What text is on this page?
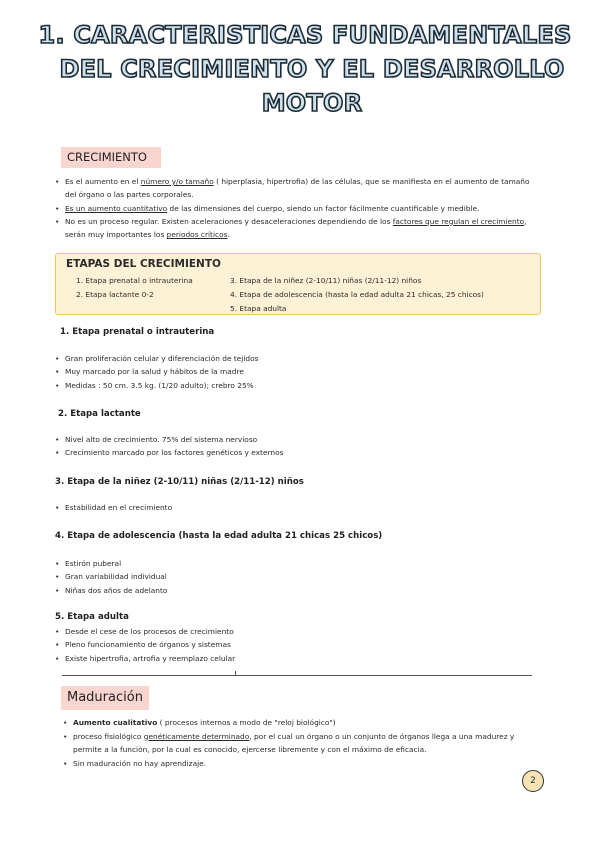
1. CARACTERISTICAS FUNDAMENTALES
DEL CRECIMIENTO Y EL DESARROLLO
MOTOR
CRECIMIENTO
• Es el aumento en el número y/o tamaño ( hiperplasia, hipertrofia) de las células, que se manifiesta en el aumento de tamaño del órgano o las partes corporales.
• Es un aumento cuantitativo de las dimensiones del cuerpo, siendo un factor fácilmente cuantificable y medible.
• No es un proceso regular. Existen aceleraciones y desaceleraciones dependiendo de los factores que regulan el crecimiento, serán muy importantes los periodos críticos.
ETAPAS DEL CRECIMIENTO
1. Etapa prenatal o intrauterina
2. Etapa lactante 0-2
3. Etapa de la niñez (2-10/11) niñas (2/11-12) niños
4. Etapa de adolescencia (hasta la edad adulta 21 chicas, 25 chicos)
5. Etapa adulta
1. Etapa prenatal o intrauterina
• Gran proliferación celular y diferenciación de tejidos
• Muy marcado por la salud y hábitos de la madre
• Medidas : 50 cm. 3.5 kg. (1/20 adulto); crebro 25%
2. Etapa lactante
• Nivel alto de crecimiento. 75% del sistema nervioso
• Crecimiento marcado por los factores genéticos y externos
3. Etapa de la niñez (2-10/11) niñas (2/11-12) niños
• Estabilidad en el crecimiento
4. Etapa de adolescencia (hasta la edad adulta 21 chicas 25 chicos)
• Estirón puberal
• Gran variabilidad individual
• Niñas dos años de adelanto
5. Etapa adulta
• Desde el cese de los procesos de crecimiento
• Pleno funcionamiento de órganos y sistemas
• Existe hipertrofia, artrofia y reemplazo celular
Maduración
• Aumento cualitativo ( procesos internos a modo de "reloj biológico")
• proceso fisiológico genéticamente determinado, por el cual un órgano o un conjunto de órganos llega a una madurez y permite a la función, por la cual es conocido, ejercerse libremente y con el máximo de eficacia.
• Sin maduración no hay aprendizaje.
2
